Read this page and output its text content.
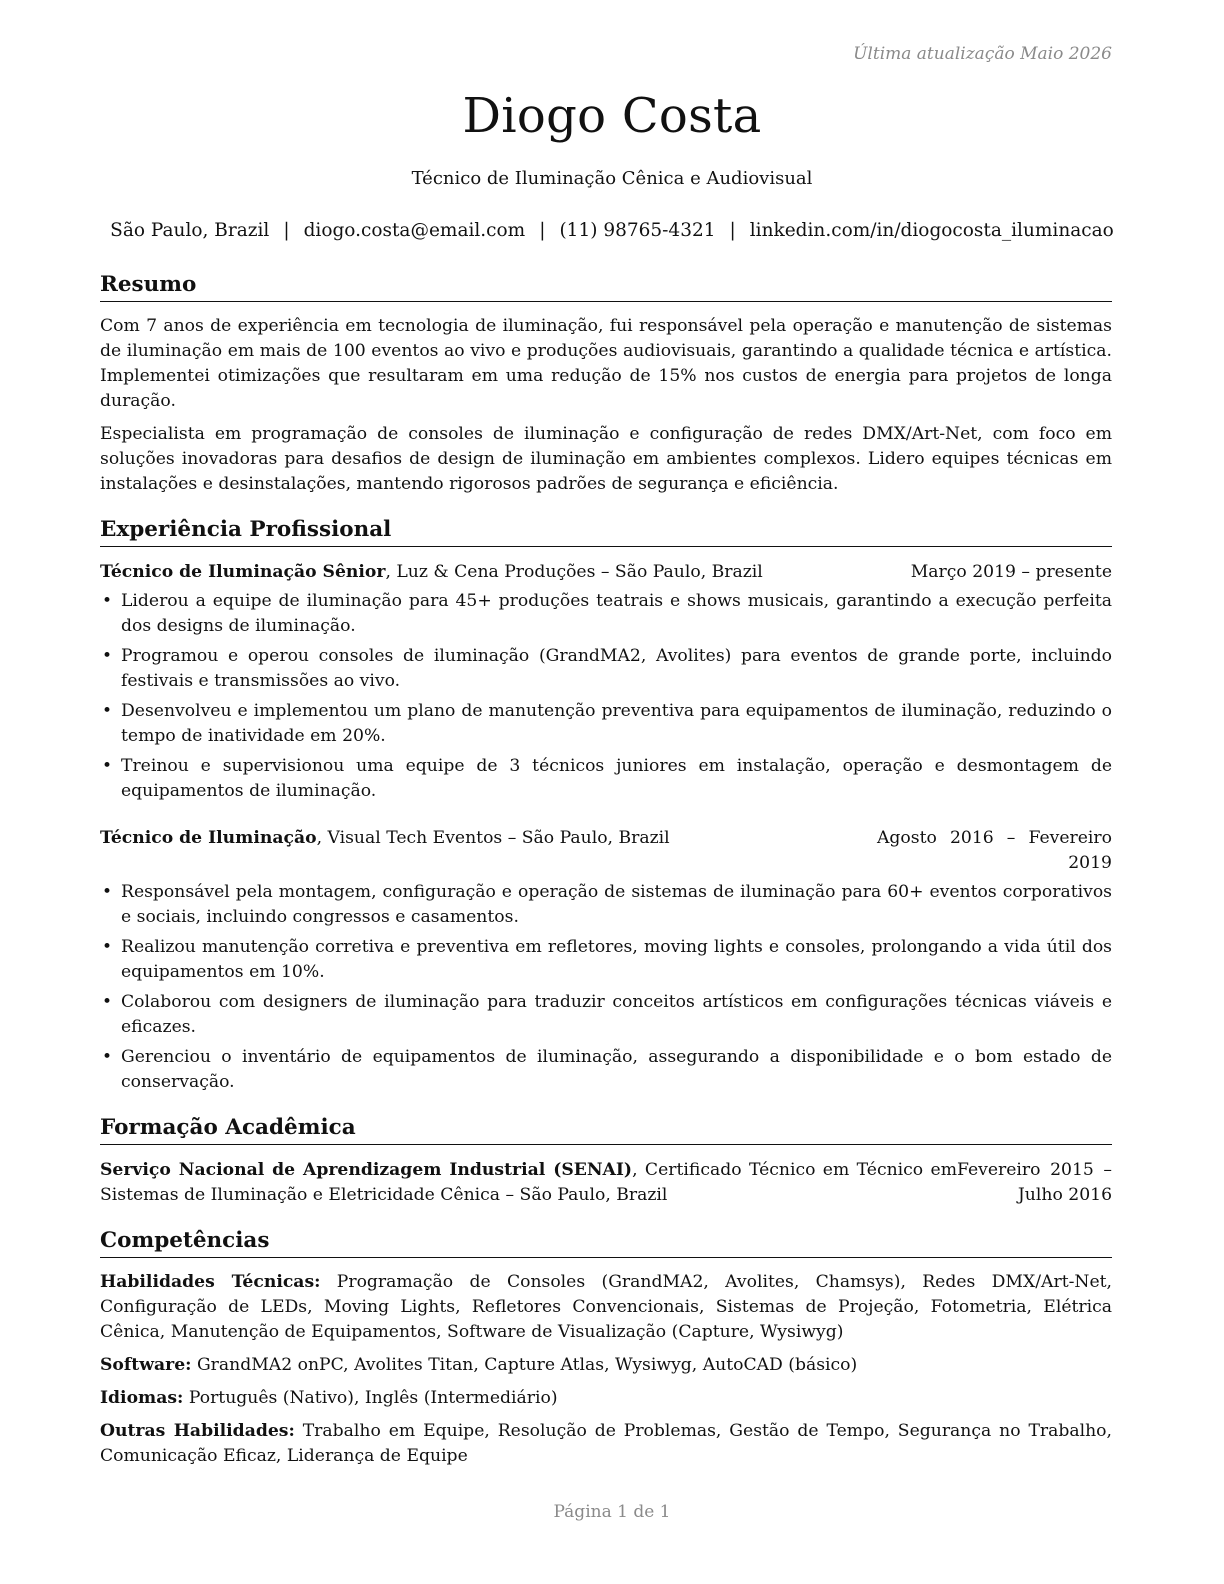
Última atualização Maio 2026
Diogo Costa
Técnico de Iluminação Cênica e Audiovisual
São Paulo, Brazil | diogo.costa@email.com | (11) 98765-4321 | linkedin.com/in/diogocosta_iluminacao
Resumo

Com 7 anos de experiência em tecnologia de iluminação, fui responsável pela operação e manutenção de sistemas de iluminação em mais de 100 eventos ao vivo e produções audiovisuais, garantindo a qualidade técnica e artística. Implementei otimizações que resultaram em uma redução de 15% nos custos de energia para projetos de longa duração.

Especialista em programação de consoles de iluminação e configuração de redes DMX/Art-Net, com foco em soluções inovadoras para desafios de design de iluminação em ambientes complexos. Lidero equipes técnicas em instalações e desinstalações, mantendo rigorosos padrões de segurança e eficiência.

Experiência Profissional
Técnico de Iluminação Sênior, Luz & Cena Produções – São Paulo, Brazil	Março 2019 – presente
• Liderou a equipe de iluminação para 45+ produções teatrais e shows musicais, garantindo a execução perfeita dos designs de iluminação.
• Programou e operou consoles de iluminação (GrandMA2, Avolites) para eventos de grande porte, incluindo festivais e transmissões ao vivo.
• Desenvolveu e implementou um plano de manutenção preventiva para equipamentos de iluminação, reduzindo o tempo de inatividade em 20%.
• Treinou e supervisionou uma equipe de 3 técnicos juniores em instalação, operação e desmontagem de equipamentos de iluminação.
Técnico de Iluminação, Visual Tech Eventos – São Paulo, Brazil	Agosto 2016 – Fevereiro 2019
• Responsável pela montagem, configuração e operação de sistemas de iluminação para 60+ eventos corporativos e sociais, incluindo congressos e casamentos.
• Realizou manutenção corretiva e preventiva em refletores, moving lights e consoles, prolongando a vida útil dos equipamentos em 10%.
• Colaborou com designers de iluminação para traduzir conceitos artísticos em configurações técnicas viáveis e eficazes.
• Gerenciou o inventário de equipamentos de iluminação, assegurando a disponibilidade e o bom estado de conservação.
Formação Acadêmica
Serviço Nacional de Aprendizagem Industrial (SENAI), Certificado Técnico em Técnico em Sistemas de Iluminação e Eletricidade Cênica – São Paulo, Brazil
Fevereiro 2015 – Julho 2016
Competências

Habilidades Técnicas: Programação de Consoles (GrandMA2, Avolites, Chamsys), Redes DMX/Art-Net, Configuração de LEDs, Moving Lights, Refletores Convencionais, Sistemas de Projeção, Fotometria, Elétrica Cênica, Manutenção de Equipamentos, Software de Visualização (Capture, Wysiwyg)

Software: GrandMA2 onPC, Avolites Titan, Capture Atlas, Wysiwyg, AutoCAD (básico)

Idiomas: Português (Nativo), Inglês (Intermediário)

Outras Habilidades: Trabalho em Equipe, Resolução de Problemas, Gestão de Tempo, Segurança no Trabalho, Comunicação Eficaz, Liderança de Equipe

Página 1 de 1
